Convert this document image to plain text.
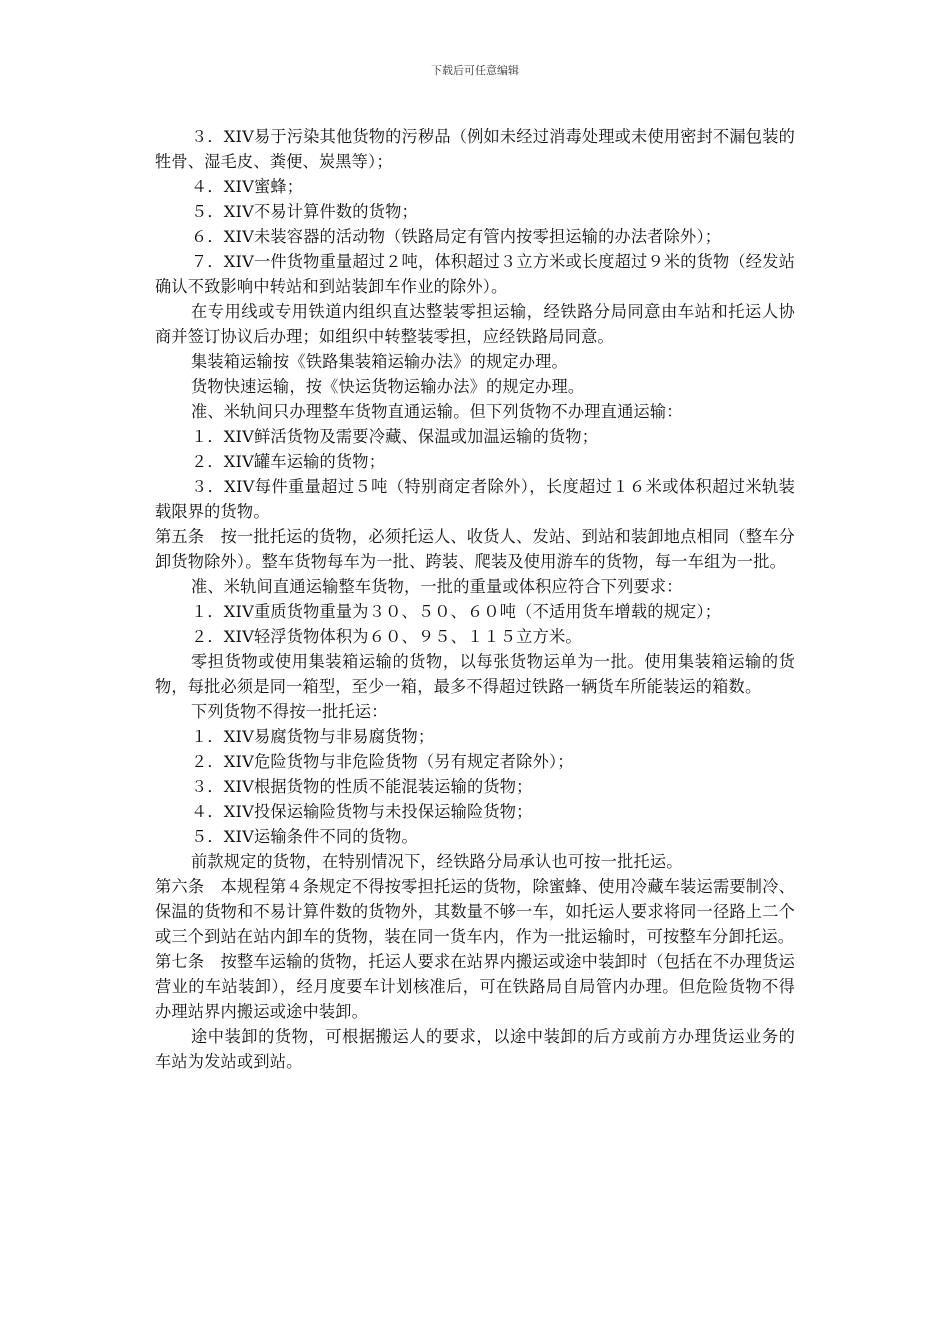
下载后可任意编辑

３．XIV易于污染其他货物的污秽品（例如未经过消毒处理或未使用密封不漏包装的牲骨、湿毛皮、粪便、炭黑等）；

４．XIV蜜蜂；

５．XIV不易计算件数的货物；

６．XIV未装容器的活动物（铁路局定有管内按零担运输的办法者除外）；

７．XIV一件货物重量超过２吨，体积超过３立方米或长度超过９米的货物（经发站确认不致影响中转站和到站装卸车作业的除外）。

在专用线或专用铁道内组织直达整装零担运输，经铁路分局同意由车站和托运人协商并签订协议后办理；如组织中转整装零担，应经铁路局同意。

集装箱运输按《铁路集装箱运输办法》的规定办理。

货物快速运输，按《快运货物运输办法》的规定办理。

准、米轨间只办理整车货物直通运输。但下列货物不办理直通运输：

１．XIV鲜活货物及需要冷藏、保温或加温运输的货物；

２．XIV罐车运输的货物；

３．XIV每件重量超过５吨（特别商定者除外），长度超过１６米或体积超过米轨装载限界的货物。

第五条　按一批托运的货物，必须托运人、收货人、发站、到站和装卸地点相同（整车分卸货物除外）。整车货物每车为一批、跨装、爬装及使用游车的货物，每一车组为一批。

准、米轨间直通运输整车货物，一批的重量或体积应符合下列要求：

１．XIV重质货物重量为３０、５０、６０吨（不适用货车增载的规定）；

２．XIV轻浮货物体积为６０、９５、１１５立方米。

零担货物或使用集装箱运输的货物，以每张货物运单为一批。使用集装箱运输的货物，每批必须是同一箱型，至少一箱，最多不得超过铁路一辆货车所能装运的箱数。

下列货物不得按一批托运：

１．XIV易腐货物与非易腐货物；

２．XIV危险货物与非危险货物（另有规定者除外）；

３．XIV根据货物的性质不能混装运输的货物；

４．XIV投保运输险货物与未投保运输险货物；

５．XIV运输条件不同的货物。

前款规定的货物，在特别情况下，经铁路分局承认也可按一批托运。

第六条　本规程第４条规定不得按零担托运的货物，除蜜蜂、使用冷藏车装运需要制冷、保温的货物和不易计算件数的货物外，其数量不够一车，如托运人要求将同一径路上二个或三个到站在站内卸车的货物，装在同一货车内，作为一批运输时，可按整车分卸托运。

第七条　按整车运输的货物，托运人要求在站界内搬运或途中装卸时（包括在不办理货运营业的车站装卸），经月度要车计划核准后，可在铁路局自局管内办理。但危险货物不得办理站界内搬运或途中装卸。

途中装卸的货物，可根据搬运人的要求，以途中装卸的后方或前方办理货运业务的车站为发站或到站。
